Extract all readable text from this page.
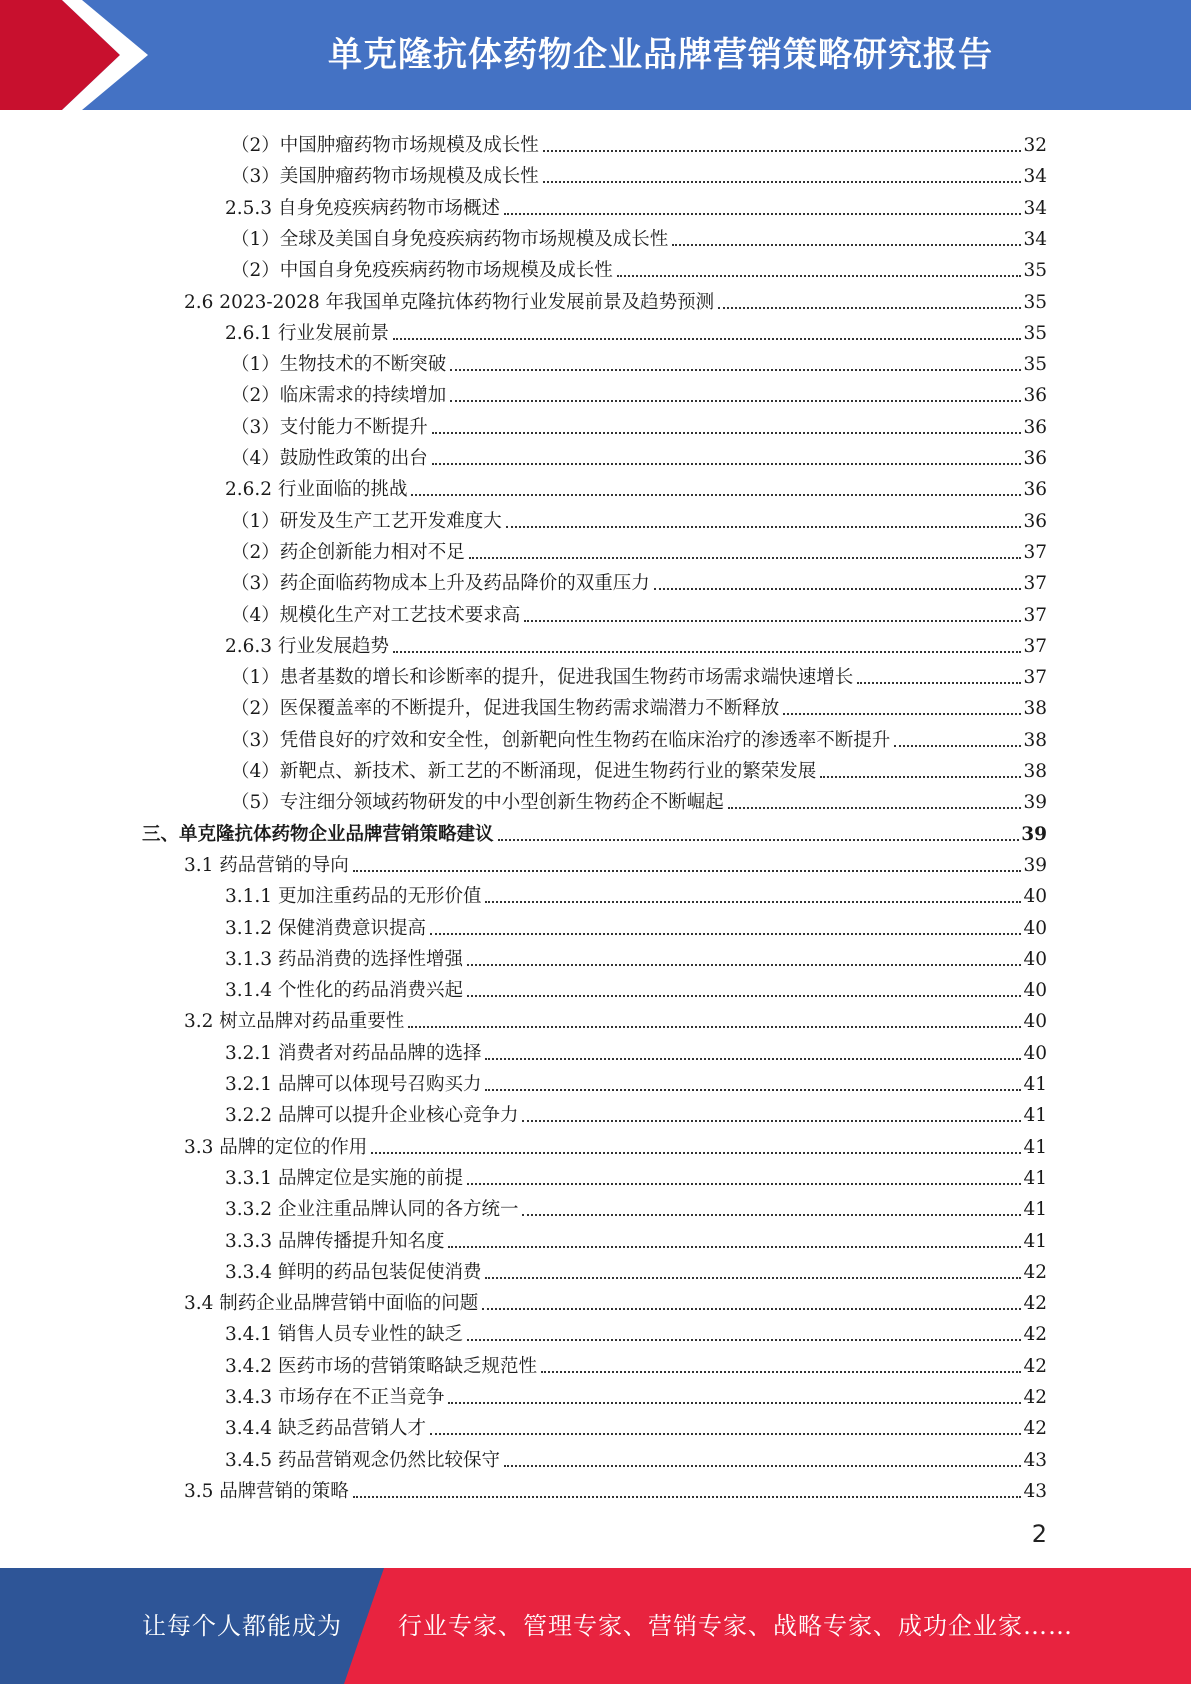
单克隆抗体药物企业品牌营销策略研究报告
（2）中国肿瘤药物市场规模及成长性	32
（3）美国肿瘤药物市场规模及成长性	34
2.5.3 自身免疫疾病药物市场概述	34
（1）全球及美国自身免疫疾病药物市场规模及成长性	34
（2）中国自身免疫疾病药物市场规模及成长性	35
2.6 2023-2028 年我国单克隆抗体药物行业发展前景及趋势预测	35
2.6.1 行业发展前景	35
（1）生物技术的不断突破	35
（2）临床需求的持续增加	36
（3）支付能力不断提升	36
（4）鼓励性政策的出台	36
2.6.2 行业面临的挑战	36
（1）研发及生产工艺开发难度大	36
（2）药企创新能力相对不足	37
（3）药企面临药物成本上升及药品降价的双重压力	37
（4）规模化生产对工艺技术要求高	37
2.6.3 行业发展趋势	37
（1）患者基数的增长和诊断率的提升，促进我国生物药市场需求端快速增长	37
（2）医保覆盖率的不断提升，促进我国生物药需求端潜力不断释放	38
（3）凭借良好的疗效和安全性，创新靶向性生物药在临床治疗的渗透率不断提升	38
（4）新靶点、新技术、新工艺的不断涌现，促进生物药行业的繁荣发展	38
（5）专注细分领域药物研发的中小型创新生物药企不断崛起	39
三、单克隆抗体药物企业品牌营销策略建议	39
3.1 药品营销的导向	39
3.1.1 更加注重药品的无形价值	40
3.1.2 保健消费意识提高	40
3.1.3 药品消费的选择性增强	40
3.1.4 个性化的药品消费兴起	40
3.2 树立品牌对药品重要性	40
3.2.1 消费者对药品品牌的选择	40
3.2.1 品牌可以体现号召购买力	41
3.2.2 品牌可以提升企业核心竞争力	41
3.3 品牌的定位的作用	41
3.3.1 品牌定位是实施的前提	41
3.3.2 企业注重品牌认同的各方统一	41
3.3.3 品牌传播提升知名度	41
3.3.4 鲜明的药品包装促使消费	42
3.4 制药企业品牌营销中面临的问题	42
3.4.1 销售人员专业性的缺乏	42
3.4.2 医药市场的营销策略缺乏规范性	42
3.4.3 市场存在不正当竞争	42
3.4.4 缺乏药品营销人才	42
3.4.5 药品营销观念仍然比较保守	43
3.5 品牌营销的策略	43
2
让每个人都能成为 行业专家、管理专家、营销专家、战略专家、成功企业家……
